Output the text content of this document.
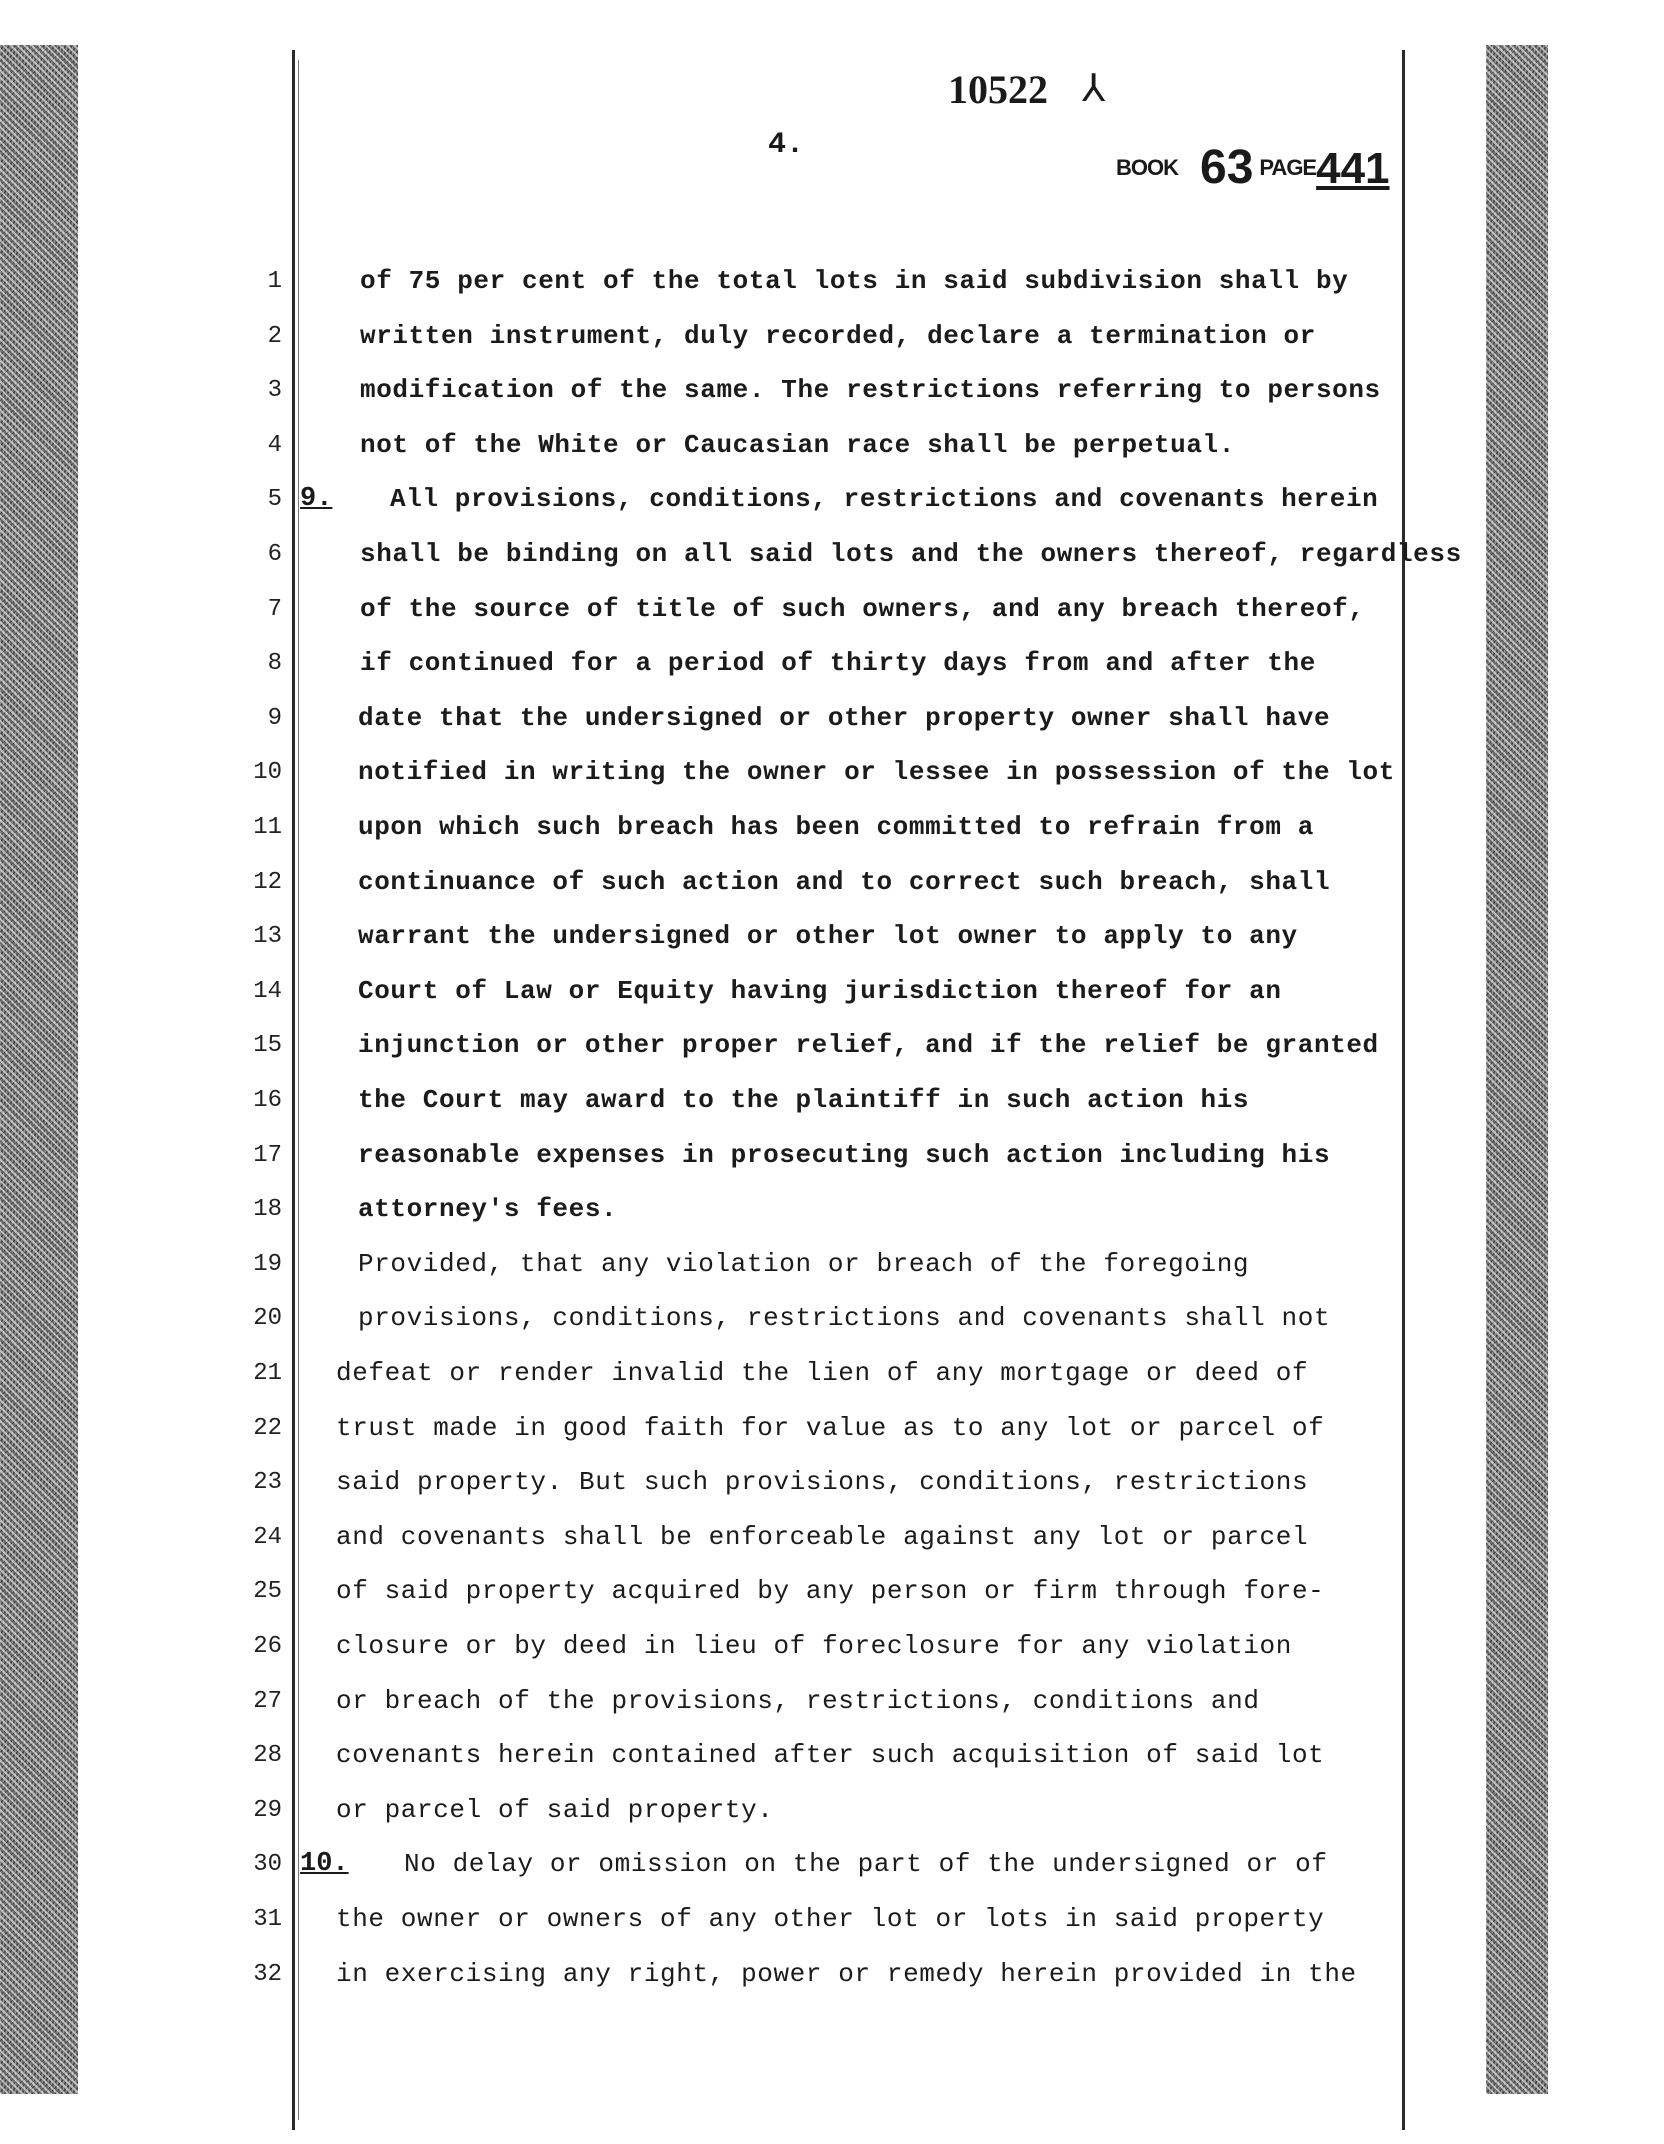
10522 ⅄
4.
BOOK 63 PAGE441
1	of 75 per cent of the total lots in said subdivision shall by
2	written instrument, duly recorded, declare a termination or
3	modification of the same. The restrictions referring to persons
4	not of the White or Caucasian race shall be perpetual.
5 9. All provisions, conditions, restrictions and covenants herein
6	shall be binding on all said lots and the owners thereof, regardless
7	of the source of title of such owners, and any breach thereof,
8	if continued for a period of thirty days from and after the
9	date that the undersigned or other property owner shall have
10	notified in writing the owner or lessee in possession of the lot
11	upon which such breach has been committed to refrain from a
12	continuance of such action and to correct such breach, shall
13	warrant the undersigned or other lot owner to apply to any
14	Court of Law or Equity having jurisdiction thereof for an
15	injunction or other proper relief, and if the relief be granted
16	the Court may award to the plaintiff in such action his
17	reasonable expenses in prosecuting such action including his
18	attorney's fees.
19	Provided, that any violation or breach of the foregoing
20	provisions, conditions, restrictions and covenants shall not
21 defeat or render invalid the lien of any mortgage or deed of
22 trust made in good faith for value as to any lot or parcel of
23 said property. But such provisions, conditions, restrictions
24 and covenants shall be enforceable against any lot or parcel
25 of said property acquired by any person or firm through fore-
26 closure or by deed in lieu of foreclosure for any violation
27 or breach of the provisions, restrictions, conditions and
28 covenants herein contained after such acquisition of said lot
29 or parcel of said property.
30 10. No delay or omission on the part of the undersigned or of
31 the owner or owners of any other lot or lots in said property
32 in exercising any right, power or remedy herein provided in the
